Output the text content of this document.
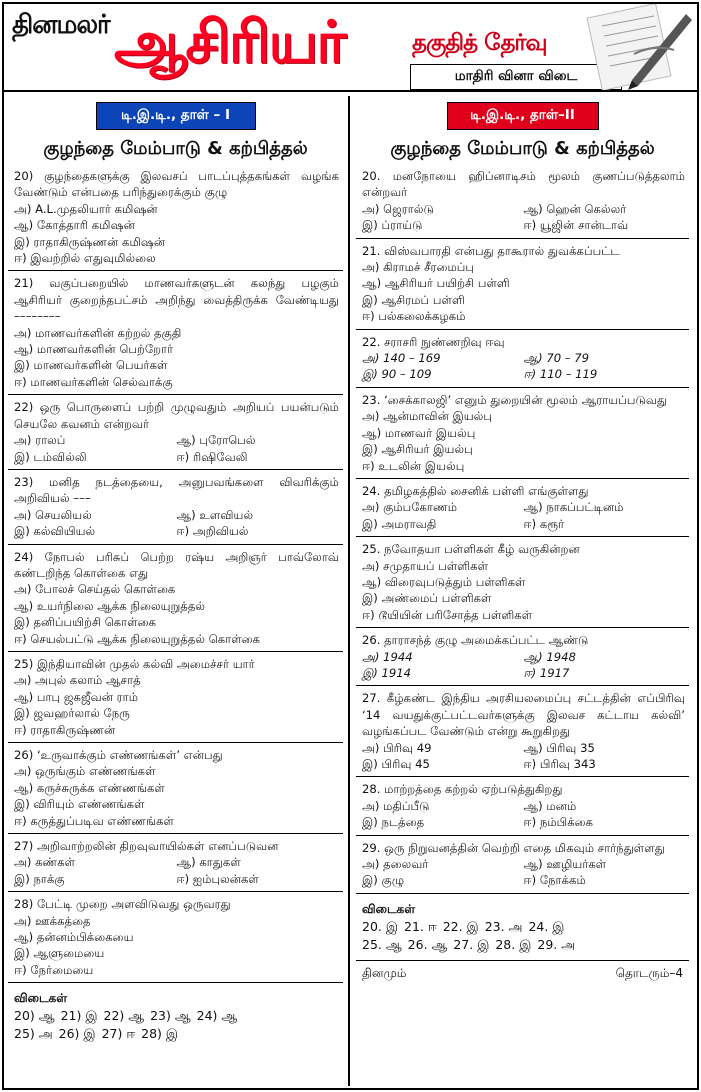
தினமலர் ஆசிரியர்	தகுதித் தேர்வு
மாதிரி வினா விடை
டி.இ.டி., தாள் – I
குழந்தை மேம்பாடு & கற்பித்தல்
20) குழந்தைகளுக்கு இலவசப் பாடப்புத்தகங்கள் வழங்க வேண்டும் என்பதை பரிந்துரைக்கும் குழு
அ) A.L.முதலியார் கமிஷன்
ஆ) கோத்தாரி கமிஷன்
இ) ராதாகிருஷ்ணன் கமிஷன்
ஈ) இவற்றில் எதுவுமில்லை
21) வகுப்பறையில் மாணவர்களுடன் கலந்து பழகும் ஆசிரியர் குறைந்தபட்சம் அறிந்து வைத்திருக்க வேண்டியது ––––––––
அ) மாணவர்களின் கற்றல் தகுதி
ஆ) மாணவர்களின் பெற்றோர்
இ) மாணவர்களின் பெயர்கள்
ஈ) மாணவர்களின் செல்வாக்கு
22) ஒரு பொருளைப் பற்றி முழுவதும் அறியப் பயன்படும் செயலே கவனம் என்றவர்
அ) ராலப்	ஆ) புரோபெல்
இ) டம்வில்லி	ஈ) ரிஷிவேலி
23) மனித நடத்தையை, அனுபவங்களை விவரிக்கும் அறிவியல் –––
அ) செயலியல்	ஆ) உளவியல்
இ) கல்வியியல்	ஈ) அறிவியல்
24) நோபல் பரிசுப் பெற்ற ரஷ்ய அறிஞர் பாவ்லோவ் கண்டறிந்த கொள்கை எது
அ) போலச் செய்தல் கொள்கை
ஆ) உயர்நிலை ஆக்க நிலையுறுத்தல்
இ) தனிப்பயிற்சி கொள்கை
ஈ) செயல்பட்டு ஆக்க நிலையுறுத்தல் கொள்கை
25) இந்தியாவின் முதல் கல்வி அமைச்சர் யார்
அ) அபுல் கலாம் ஆசாத்
ஆ) பாபு ஜகஜீவன் ராம்
இ) ஜவஹர்லால் நேரு
ஈ) ராதாகிருஷ்ணன்
26) ‘உருவாக்கும் எண்ணங்கள்’ என்பது
அ) ஒருங்கும் எண்ணங்கள்
ஆ) கருச்சுருக்க எண்ணங்கள்
இ) விரியும் எண்ணங்கள்
ஈ) கருத்துப்படிவ எண்ணங்கள்
27) அறிவாற்றலின் திறவுவாயில்கள் எனப்படுவன
அ) கண்கள்	ஆ) காதுகள்
இ) நாக்கு	ஈ) ஐம்புலன்கள்
28) பேட்டி முறை அளவிடுவது ஒருவரது
அ) ஊக்கத்தை
ஆ) தன்னம்பிக்கையை
இ) ஆளுமையை
ஈ) நேர்மையை
விடைகள்
20) ஆ 21) இ 22) ஆ 23) ஆ 24) ஆ
25) அ 26) இ 27) ஈ 28) இ
டி.இ.டி., தாள்–II
குழந்தை மேம்பாடு & கற்பித்தல்
20. மனநோயை ஹிப்னாடிசம் மூலம் குணப்படுத்தலாம் என்றவர்
அ) ஜெரால்டு	ஆ) ஹென் கெல்லர்
இ) ப்ராய்டு	ஈ) யூஜின் சான்டாவ்
21. விஸ்வபாரதி என்பது தாகூரால் துவக்கப்பட்ட
அ) கிராமச் சீரமைப்பு
ஆ) ஆசிரியர் பயிற்சி பள்ளி
இ) ஆசிரமப் பள்ளி
ஈ) பல்கலைக்கழகம்
22. சராசரி நுண்ணறிவு ஈவு
அ) 140 – 169	ஆ) 70 – 79
இ) 90 – 109	ஈ) 110 – 119
23. ‘சைக்காலஜி’ எனும் துறையின் மூலம் ஆராயப்படுவது
அ) ஆன்மாவின் இயல்பு
ஆ) மாணவர் இயல்பு
இ) ஆசிரியர் இயல்பு
ஈ) உடலின் இயல்பு
24. தமிழகத்தில் சைனிக் பள்ளி எங்குள்ளது
அ) கும்பகோணம்	ஆ) நாகப்பட்டினம்
இ) அமராவதி	ஈ) கரூர்
25. நவோதயா பள்ளிகள் கீழ் வருகின்றன
அ) சமுதாயப் பள்ளிகள்
ஆ) விரைவுபடுத்தும் பள்ளிகள்
இ) அண்மைப் பள்ளிகள்
ஈ) டூயியின் பரிசோத்த பள்ளிகள்
26. தாராசந்த் குழு அமைக்கப்பட்ட ஆண்டு
அ) 1944	ஆ) 1948
இ) 1914	ஈ) 1917
27. கீழ்கண்ட இந்திய அரசியலமைப்பு சட்டத்தின் எப்பிரிவு ‘14 வயதுக்குட்பட்டவர்களுக்கு இலவச கட்டாய கல்வி’ வழங்கப்பட வேண்டும் என்று கூறுகிறது
அ) பிரிவு 49	ஆ) பிரிவு 35
இ) பிரிவு 45	ஈ) பிரிவு 343
28. மாற்றத்தை கற்றல் ஏற்படுத்துகிறது
அ) மதிப்பீடு	ஆ) மனம்
இ) நடத்தை	ஈ) நம்பிக்கை
29. ஒரு நிறுவனத்தின் வெற்றி எதை மிகவும் சார்ந்துள்ளது
அ) தலைவர்	ஆ) ஊழியர்கள்
இ) குழு	ஈ) நோக்கம்
விடைகள்
20. இ 21. ஈ 22. இ 23. அ 24. இ
25. ஆ 26. ஆ 27. இ 28. இ 29. அ
தினமும்	தொடரும்–4
